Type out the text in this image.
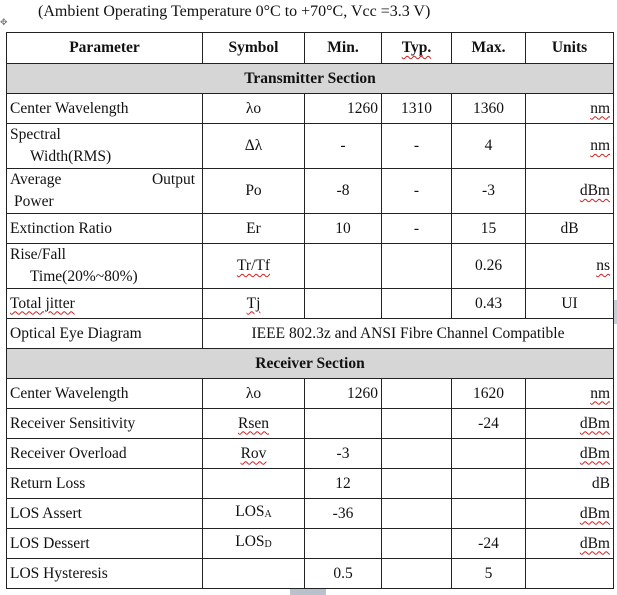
(Ambient Operating Temperature 0°C to +70°C, Vcc =3.3 V)
✥
Parameter	Symbol	Min.	Typ.	Max.	Units
Transmitter Section					
Center Wavelength	λo	1260	1310	1360	nm
Spectral
Width(RMS)	Δλ	-	-	4	nm

Average Output
Power	Po	-8	-	-3	dBm
Extinction Ratio	Er	10	-	15	dB
Rise/Fall
Time(20%~80%)	Tr/Tf			0.26	ns
Total jitter	Tj			0.43	UI
Optical Eye Diagram	IEEE 802.3z and ANSI Fibre Channel Compatible				
Receiver Section					
Center Wavelength	λo	1260		1620	nm
Receiver Sensitivity	Rsen			-24	dBm
Receiver Overload	Rov	-3			dBm
Return Loss		12			dB
LOS Assert	$LOS_A$	-36			dBm
LOS Dessert	$LOS_D$			-24	dBm
LOS Hysteresis		0.5		5	
